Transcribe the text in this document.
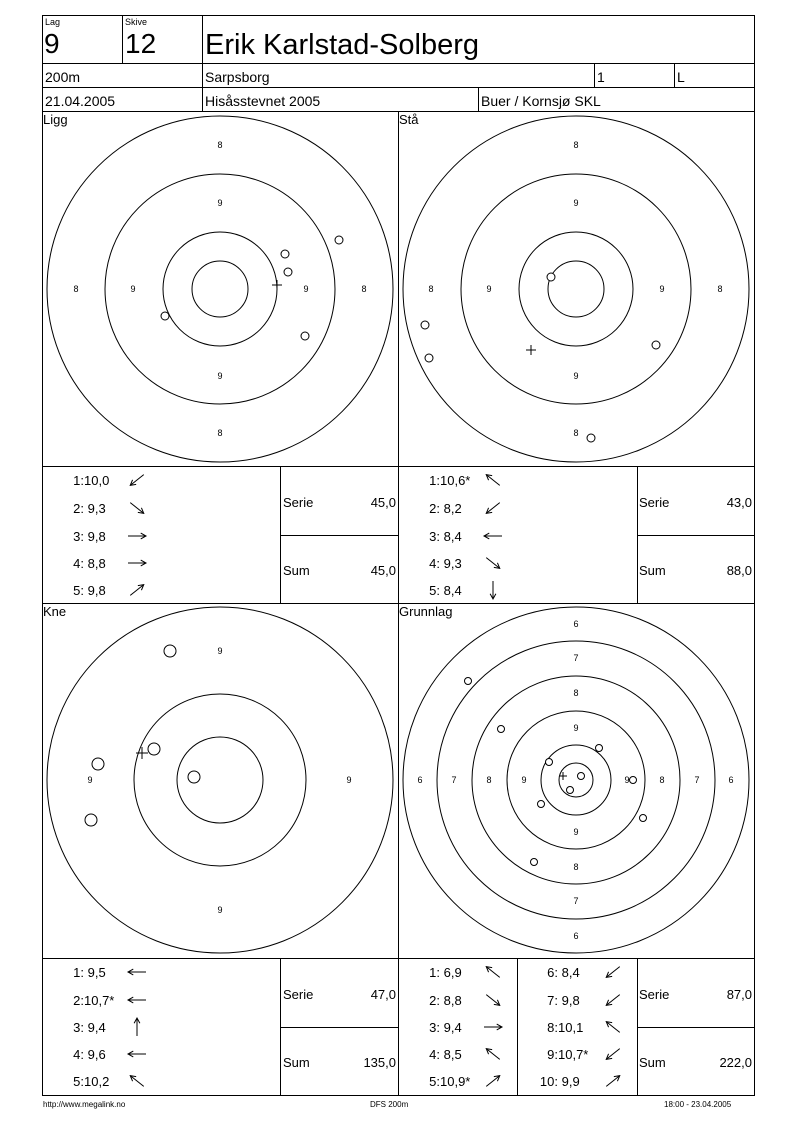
Lag
9
Skive
12 Erik Karlstad-Solberg
200m	Sarpsborg	1	L
21.04.2005	Hisåsstevnet 2005	Buer / Kornsjø SKL
Ligg	Stå
Kne	Grunnlag
8
9
9
8
8	9	9	8
8
9
9
8
8	9	9	8
9
9
9	9
6
7
8
9
9
8
7
6
6	7	8	9	9	8	7	6
1:10,0
2: 9,3
3: 9,8
4: 8,8
5: 9,8
Serie	45,0
Sum	45,0
1:10,6*
2: 8,2
3: 8,4
4: 9,3
5: 8,4
Serie	43,0
Sum	88,0
1: 9,5
2:10,7*
3: 9,4
4: 9,6
5:10,2
Serie	47,0
Sum	135,0
1: 6,9
2: 8,8
3: 9,4
4: 8,5
5:10,9*
6: 8,4
7: 9,8
8:10,1
9:10,7*
10: 9,9
Serie	87,0
Sum	222,0
http://www.megalink.no	DFS 200m	18:00 - 23.04.2005
